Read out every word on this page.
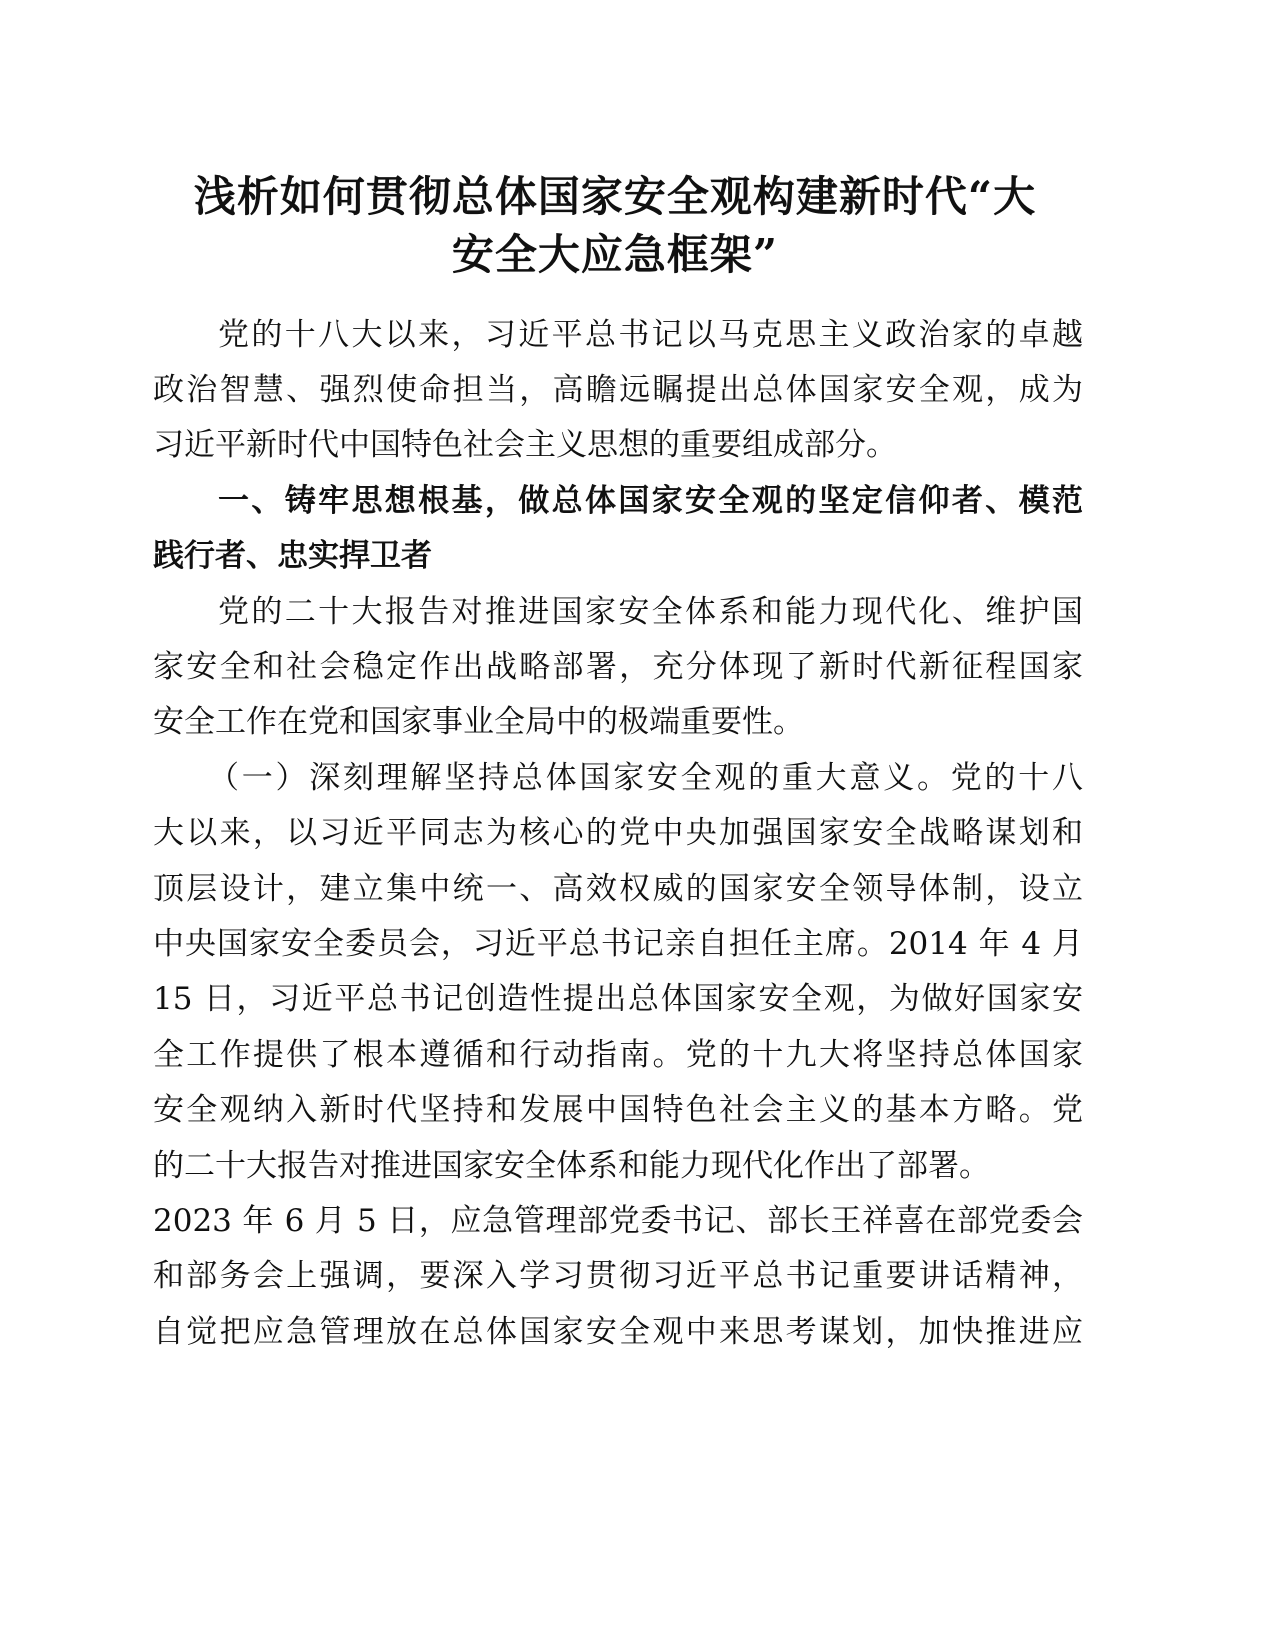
浅析如何贯彻总体国家安全观构建新时代“大
安全大应急框架”
党的十八大以来，习近平总书记以马克思主义政治家的卓越
政治智慧、强烈使命担当，高瞻远瞩提出总体国家安全观，成为
习近平新时代中国特色社会主义思想的重要组成部分。
一、铸牢思想根基，做总体国家安全观的坚定信仰者、模范
践行者、忠实捍卫者
党的二十大报告对推进国家安全体系和能力现代化、维护国
家安全和社会稳定作出战略部署，充分体现了新时代新征程国家
安全工作在党和国家事业全局中的极端重要性。
（一）深刻理解坚持总体国家安全观的重大意义。党的十八
大以来，以习近平同志为核心的党中央加强国家安全战略谋划和
顶层设计，建立集中统一、高效权威的国家安全领导体制，设立
中央国家安全委员会，习近平总书记亲自担任主席。2014 年 4 月
15 日，习近平总书记创造性提出总体国家安全观，为做好国家安
全工作提供了根本遵循和行动指南。党的十九大将坚持总体国家
安全观纳入新时代坚持和发展中国特色社会主义的基本方略。党
的二十大报告对推进国家安全体系和能力现代化作出了部署。
2023 年 6 月 5 日，应急管理部党委书记、部长王祥喜在部党委会
和部务会上强调，要深入学习贯彻习近平总书记重要讲话精神，
自觉把应急管理放在总体国家安全观中来思考谋划，加快推进应
